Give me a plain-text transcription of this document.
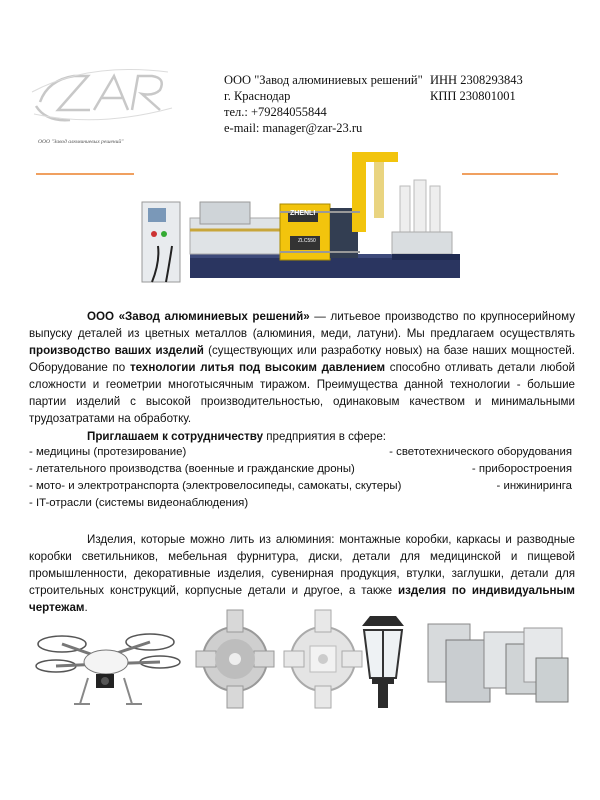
ООО "Завод алюминиевых решений"
ООО "Завод алюминиевых решений"
г. Краснодар
тел.: +79284055844
e-mail: manager@zar-23.ru
ИНН 2308293843
КПП 230801001
ZHENLI
ZLC550
ООО «Завод алюминиевых решений» — литьевое производство по крупносерийному выпуску деталей из цветных металлов (алюминия, меди, латуни). Мы предлагаем осуществлять производство ваших изделий (существующих или разработку новых) на базе наших мощностей. Оборудование по технологии литья под высоким давлением способно отливать детали любой сложности и геометрии многотысячным тиражом. Преимущества данной технологии - большие партии изделий с высокой производительностью, одинаковым качеством и минимальными трудозатратами на обработку.
Приглашаем к сотрудничеству предприятия в сфере:
- медицины (протезирование)
- летательного производства (военные и гражданские дроны)
- мото- и электротранспорта (электровелосипеды, самокаты, скутеры)
- IT-отрасли (системы видеонаблюдения)
- светотехнического оборудования
- приборостроения
- инжиниринга
Изделия, которые можно лить из алюминия: монтажные коробки, каркасы и разводные коробки светильников, мебельная фурнитура, диски, детали для медицинской и пищевой промышленности, декоративные изделия, сувенирная продукция, втулки, заглушки, детали для строительных конструкций, корпусные детали и другое, а также изделия по индивидуальным чертежам.
